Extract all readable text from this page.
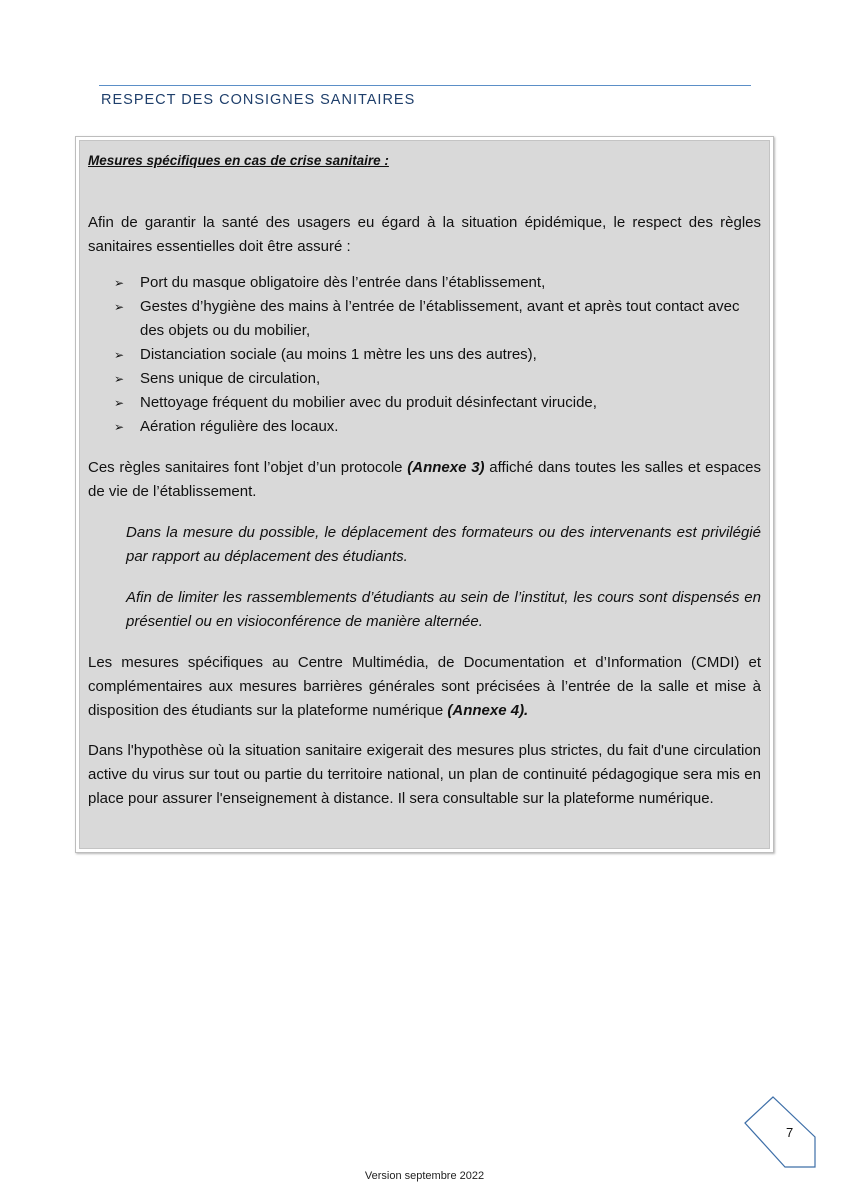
RESPECT DES CONSIGNES SANITAIRES
Mesures spécifiques en cas de crise sanitaire :

Afin de garantir la santé des usagers eu égard à la situation épidémique, le respect des règles sanitaires essentielles doit être assuré :

➢ Port du masque obligatoire dès l’entrée dans l’établissement,
➢ Gestes d’hygiène des mains à l’entrée de l’établissement, avant et après tout contact avec des objets ou du mobilier,
➢ Distanciation sociale (au moins 1 mètre les uns des autres),
➢ Sens unique de circulation,
➢ Nettoyage fréquent du mobilier avec du produit désinfectant virucide,
➢ Aération régulière des locaux.

Ces règles sanitaires font l’objet d’un protocole (Annexe 3) affiché dans toutes les salles et espaces de vie de l’établissement.

Dans la mesure du possible, le déplacement des formateurs ou des intervenants est privilégié par rapport au déplacement des étudiants.

Afin de limiter les rassemblements d’étudiants au sein de l’institut, les cours sont dispensés en présentiel ou en visioconférence de manière alternée.

Les mesures spécifiques au Centre Multimédia, de Documentation et d’Information (CMDI) et complémentaires aux mesures barrières générales sont précisées à l’entrée de la salle et mise à disposition des étudiants sur la plateforme numérique (Annexe 4).

Dans l'hypothèse où la situation sanitaire exigerait des mesures plus strictes, du fait d'une circulation active du virus sur tout ou partie du territoire national, un plan de continuité pédagogique sera mis en place pour assurer l'enseignement à distance. Il sera consultable sur la plateforme numérique.

7
Version septembre 2022
